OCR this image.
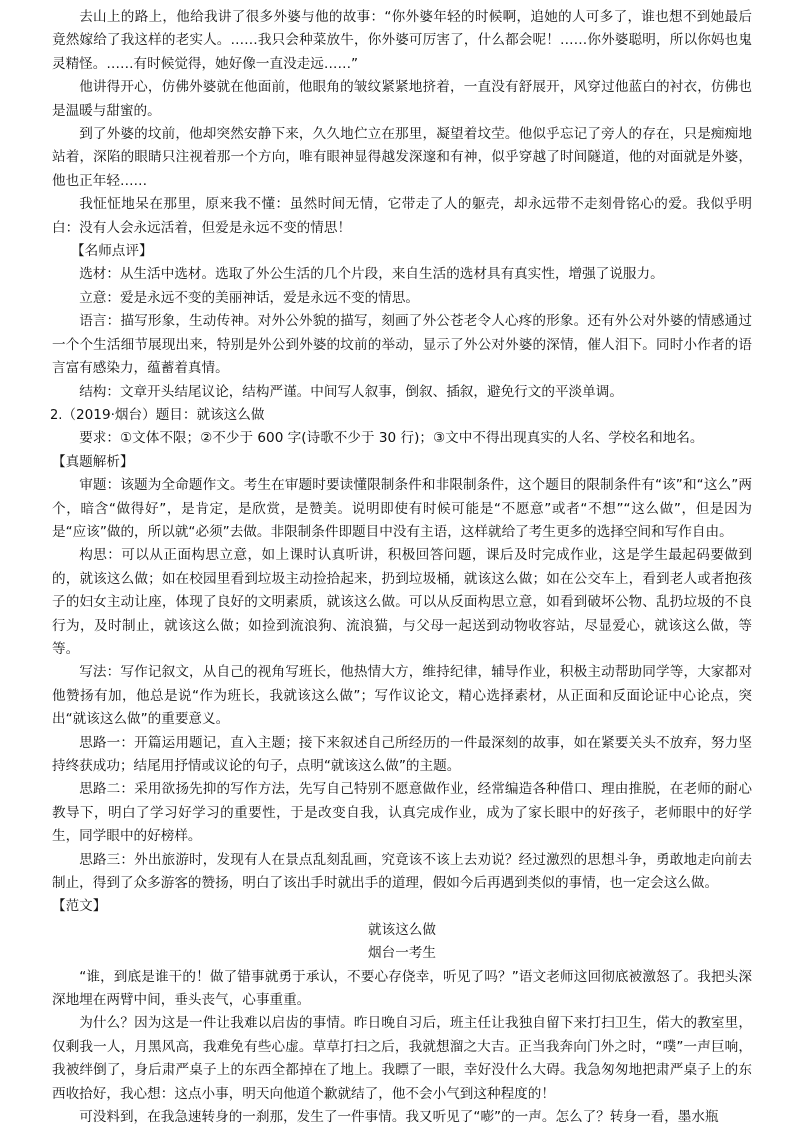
去山上的路上，他给我讲了很多外婆与他的故事：“你外婆年轻的时候啊，追她的人可多了，谁也想不到她最后竟然嫁给了我这样的老实人。……我只会种菜放牛，你外婆可厉害了，什么都会呢！……你外婆聪明，所以你妈也鬼灵精怪。……有时候觉得，她好像一直没走远……”

他讲得开心，仿佛外婆就在他面前，他眼角的皱纹紧紧地挤着，一直没有舒展开，风穿过他蓝白的衬衣，仿佛也是温暖与甜蜜的。

到了外婆的坟前，他却突然安静下来，久久地伫立在那里，凝望着坟茔。他似乎忘记了旁人的存在，只是痴痴地站着，深陷的眼睛只注视着那一个方向，唯有眼神显得越发深邃和有神，似乎穿越了时间隧道，他的对面就是外婆，他也正年轻……

我怔怔地呆在那里，原来我不懂：虽然时间无情，它带走了人的躯壳，却永远带不走刻骨铭心的爱。我似乎明白：没有人会永远活着，但爱是永远不变的情思！

【名师点评】

选材：从生活中选材。选取了外公生活的几个片段，来自生活的选材具有真实性，增强了说服力。

立意：爱是永远不变的美丽神话，爱是永远不变的情思。

语言：描写形象，生动传神。对外公外貌的描写，刻画了外公苍老令人心疼的形象。还有外公对外婆的情感通过一个个生活细节展现出来，特别是外公到外婆的坟前的举动，显示了外公对外婆的深情，催人泪下。同时小作者的语言富有感染力，蕴蓄着真情。

结构：文章开头结尾议论，结构严谨。中间写人叙事，倒叙、插叙，避免行文的平淡单调。

2.（2019·烟台）题目：就该这么做

要求：①文体不限；②不少于 600 字(诗歌不少于 30 行)；③文中不得出现真实的人名、学校名和地名。

【真题解析】

审题：该题为全命题作文。考生在审题时要读懂限制条件和非限制条件，这个题目的限制条件有“该”和“这么”两个，暗含“做得好”，是肯定，是欣赏，是赞美。说明即使有时候可能是“不愿意”或者“不想”“这么做”，但是因为是“应该”做的，所以就“必须”去做。非限制条件即题目中没有主语，这样就给了考生更多的选择空间和写作自由。

构思：可以从正面构思立意，如上课时认真听讲，积极回答问题，课后及时完成作业，这是学生最起码要做到的，就该这么做；如在校园里看到垃圾主动捡拾起来，扔到垃圾桶，就该这么做；如在公交车上，看到老人或者抱孩子的妇女主动让座，体现了良好的文明素质，就该这么做。可以从反面构思立意，如看到破坏公物、乱扔垃圾的不良行为，及时制止，就该这么做；如捡到流浪狗、流浪猫，与父母一起送到动物收容站，尽显爱心，就该这么做，等等。

写法：写作记叙文，从自己的视角写班长，他热情大方，维持纪律，辅导作业，积极主动帮助同学等，大家都对他赞扬有加，他总是说“作为班长，我就该这么做”；写作议论文，精心选择素材，从正面和反面论证中心论点，突出“就该这么做”的重要意义。

思路一：开篇运用题记，直入主题；接下来叙述自己所经历的一件最深刻的故事，如在紧要关头不放弃，努力坚持终获成功；结尾用抒情或议论的句子，点明“就该这么做”的主题。

思路二：采用欲扬先抑的写作方法，先写自己特别不愿意做作业，经常编造各种借口、理由推脱，在老师的耐心教导下，明白了学习好学习的重要性，于是改变自我，认真完成作业，成为了家长眼中的好孩子，老师眼中的好学生，同学眼中的好榜样。

思路三：外出旅游时，发现有人在景点乱刻乱画，究竟该不该上去劝说？经过激烈的思想斗争，勇敢地走向前去制止，得到了众多游客的赞扬，明白了该出手时就出手的道理，假如今后再遇到类似的事情，也一定会这么做。

【范文】

就该这么做

烟台一考生

“谁，到底是谁干的！做了错事就勇于承认，不要心存侥幸，听见了吗？”语文老师这回彻底被激怒了。我把头深深地埋在两臂中间，垂头丧气，心事重重。

为什么？因为这是一件让我难以启齿的事情。昨日晚自习后，班主任让我独自留下来打扫卫生，偌大的教室里，仅剩我一人，月黑风高，我难免有些心虚。草草打扫之后，我就想溜之大吉。正当我奔向门外之时，“噗”一声巨响，我被绊倒了，身后肃严桌子上的东西全都掉在了地上。我瞟了一眼，幸好没什么大碍。我急匆匆地把肃严桌子上的东西收拾好，我心想：这点小事，明天向他道个歉就结了，他不会小气到这种程度的！

可没料到，在我急速转身的一刹那，发生了一件事情。我又听见了“嘭”的一声。怎么了？转身一看，墨水瓶
